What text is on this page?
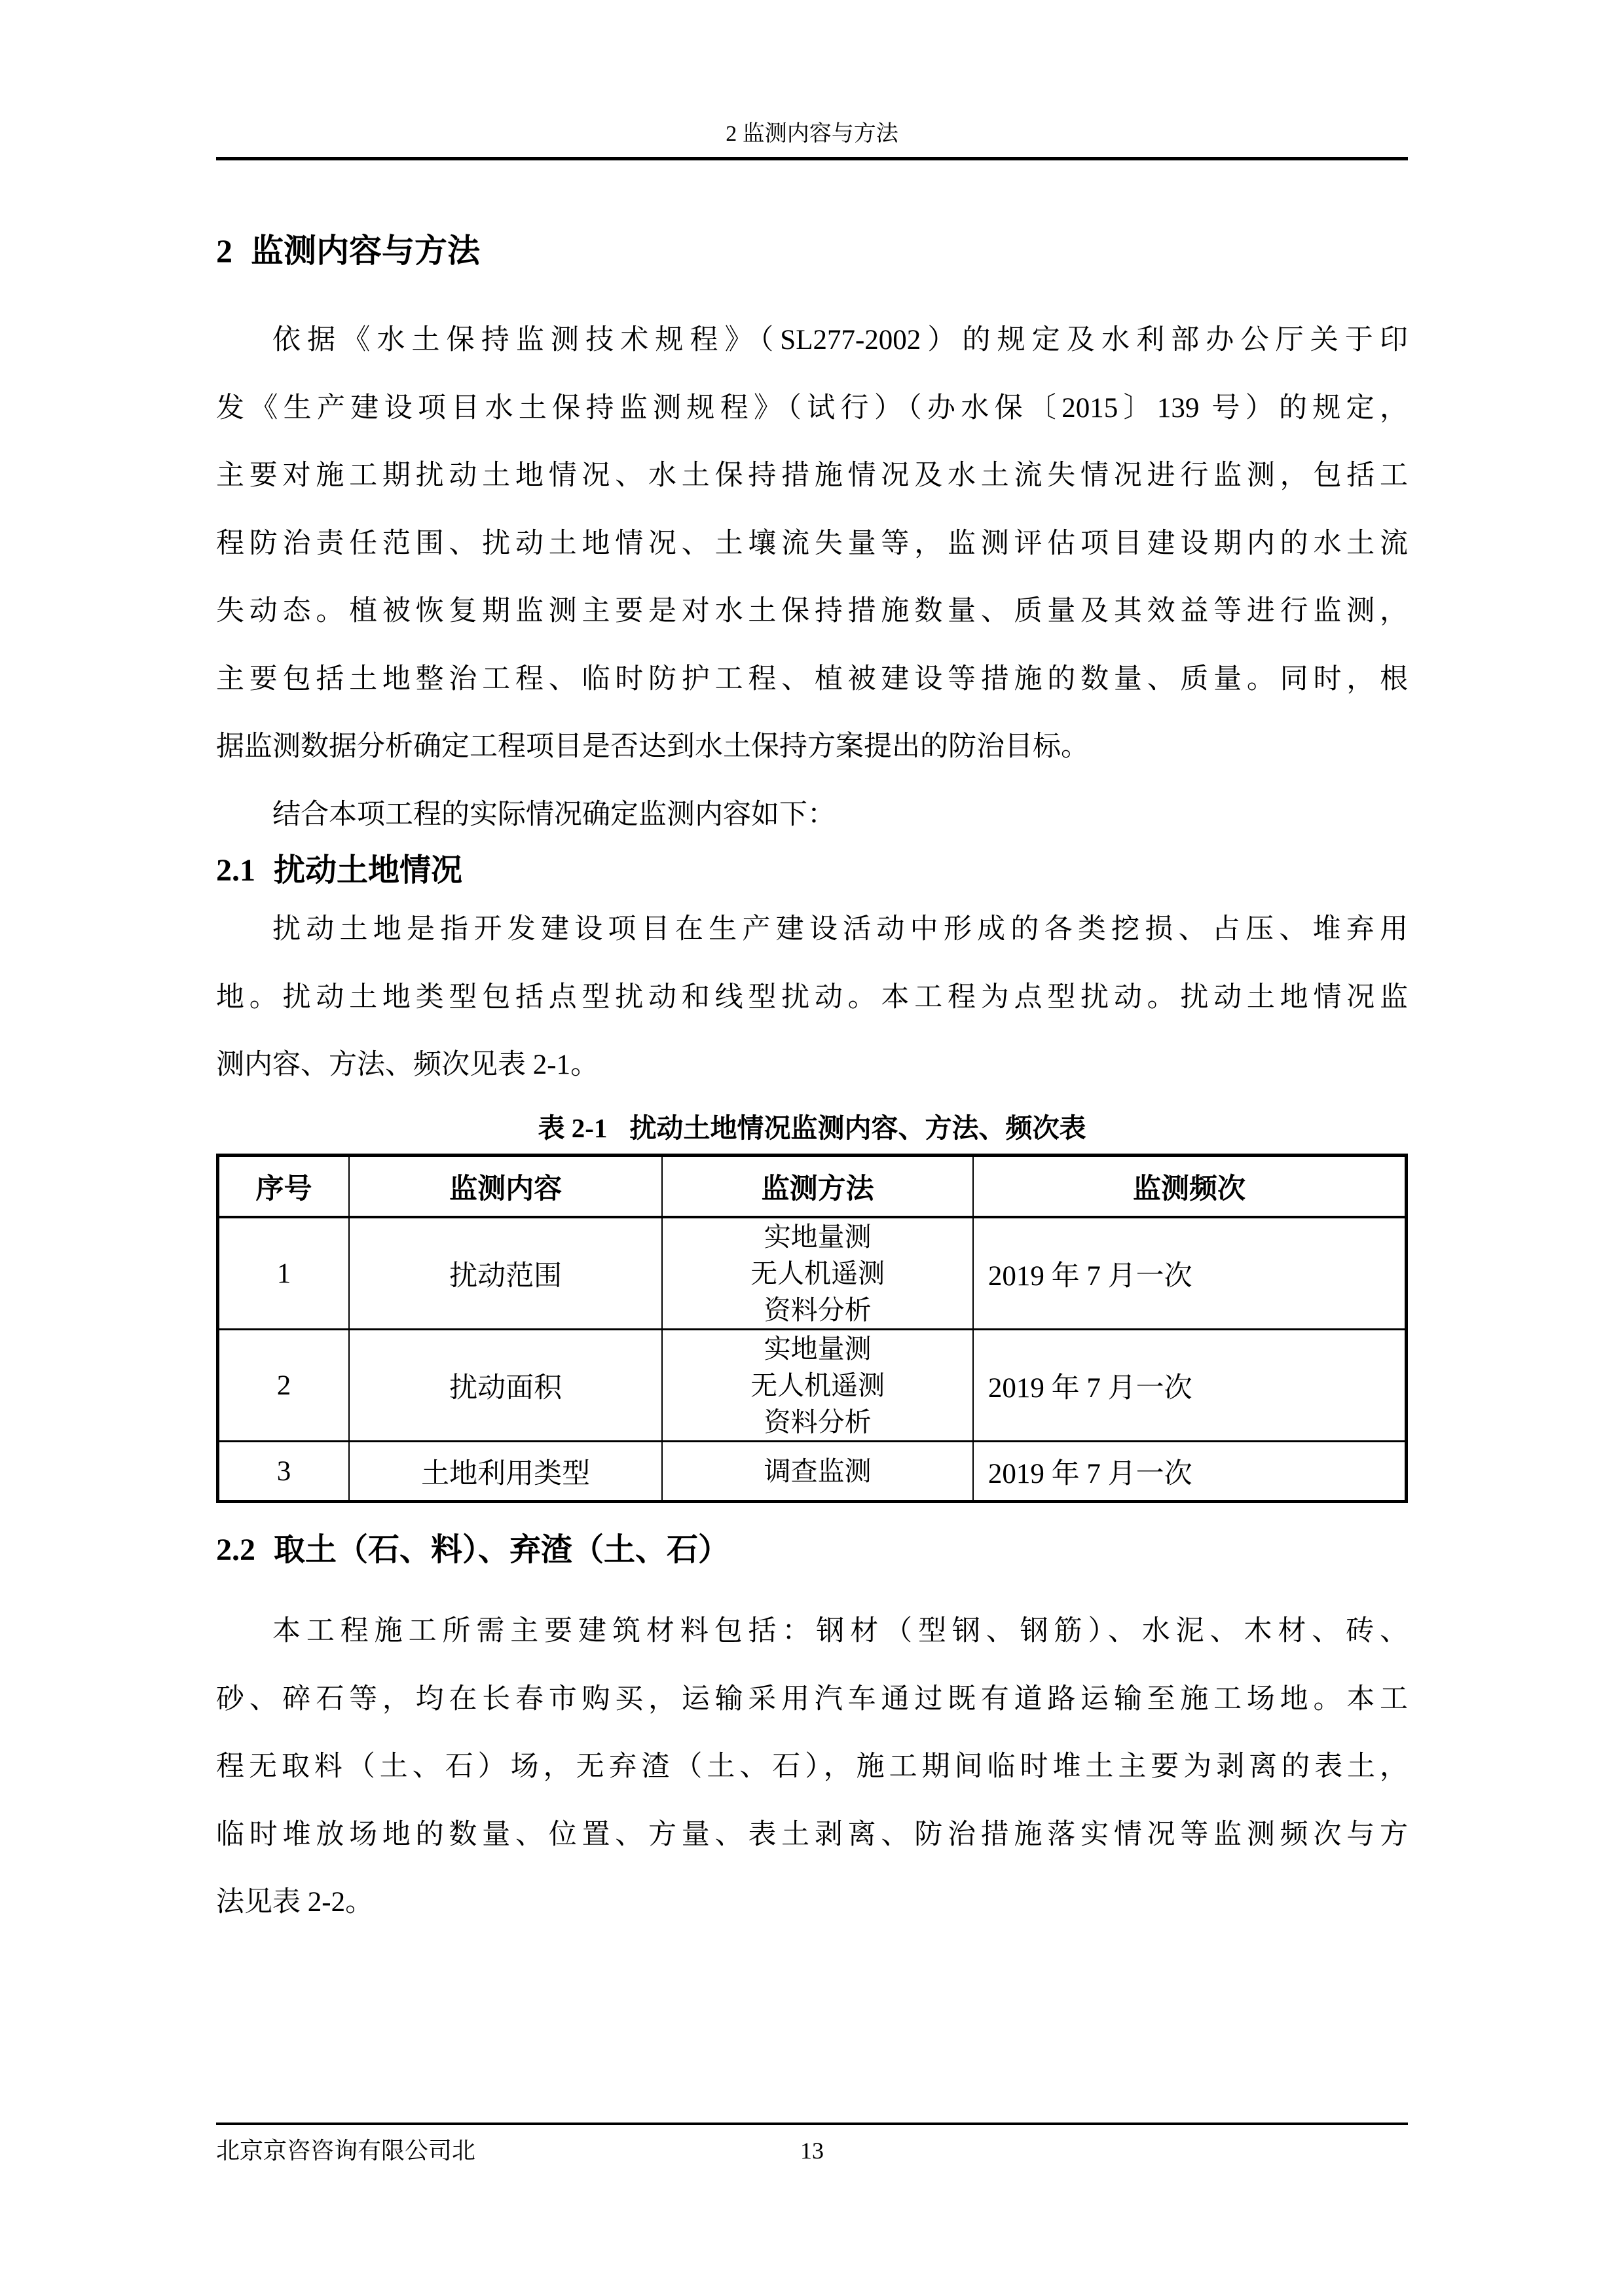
2 监测内容与方法
2 监测内容与方法
依据《水土保持监测技术规程》（SL277-2002）的规定及水利部办公厅关于印
发《生产建设项目水土保持监测规程》（试行）（办水保〔2015〕139 号）的规定，
主要对施工期扰动土地情况、水土保持措施情况及水土流失情况进行监测，包括工
程防治责任范围、扰动土地情况、土壤流失量等，监测评估项目建设期内的水土流
失动态。植被恢复期监测主要是对水土保持措施数量、质量及其效益等进行监测，
主要包括土地整治工程、临时防护工程、植被建设等措施的数量、质量。同时，根
据监测数据分析确定工程项目是否达到水土保持方案提出的防治目标。
结合本项工程的实际情况确定监测内容如下：
2.1 扰动土地情况
扰动土地是指开发建设项目在生产建设活动中形成的各类挖损、占压、堆弃用
地。扰动土地类型包括点型扰动和线型扰动。本工程为点型扰动。扰动土地情况监
测内容、方法、频次见表 2-1。
表 2-1 扰动土地情况监测内容、方法、频次表
序号	监测内容	监测方法	监测频次
1	扰动范围	实地量测
无人机遥测
资料分析	2019 年 7 月一次
2	扰动面积	实地量测
无人机遥测
资料分析	2019 年 7 月一次
3	土地利用类型	调查监测	2019 年 7 月一次
2.2 取土（石、料）、弃渣（土、石）
本工程施工所需主要建筑材料包括：钢材（型钢、钢筋）、水泥、木材、砖、
砂、碎石等，均在长春市购买，运输采用汽车通过既有道路运输至施工场地。本工
程无取料（土、石）场，无弃渣（土、石），施工期间临时堆土主要为剥离的表土，
临时堆放场地的数量、位置、方量、表土剥离、防治措施落实情况等监测频次与方
法见表 2-2。
13
北京京咨咨询有限公司北
